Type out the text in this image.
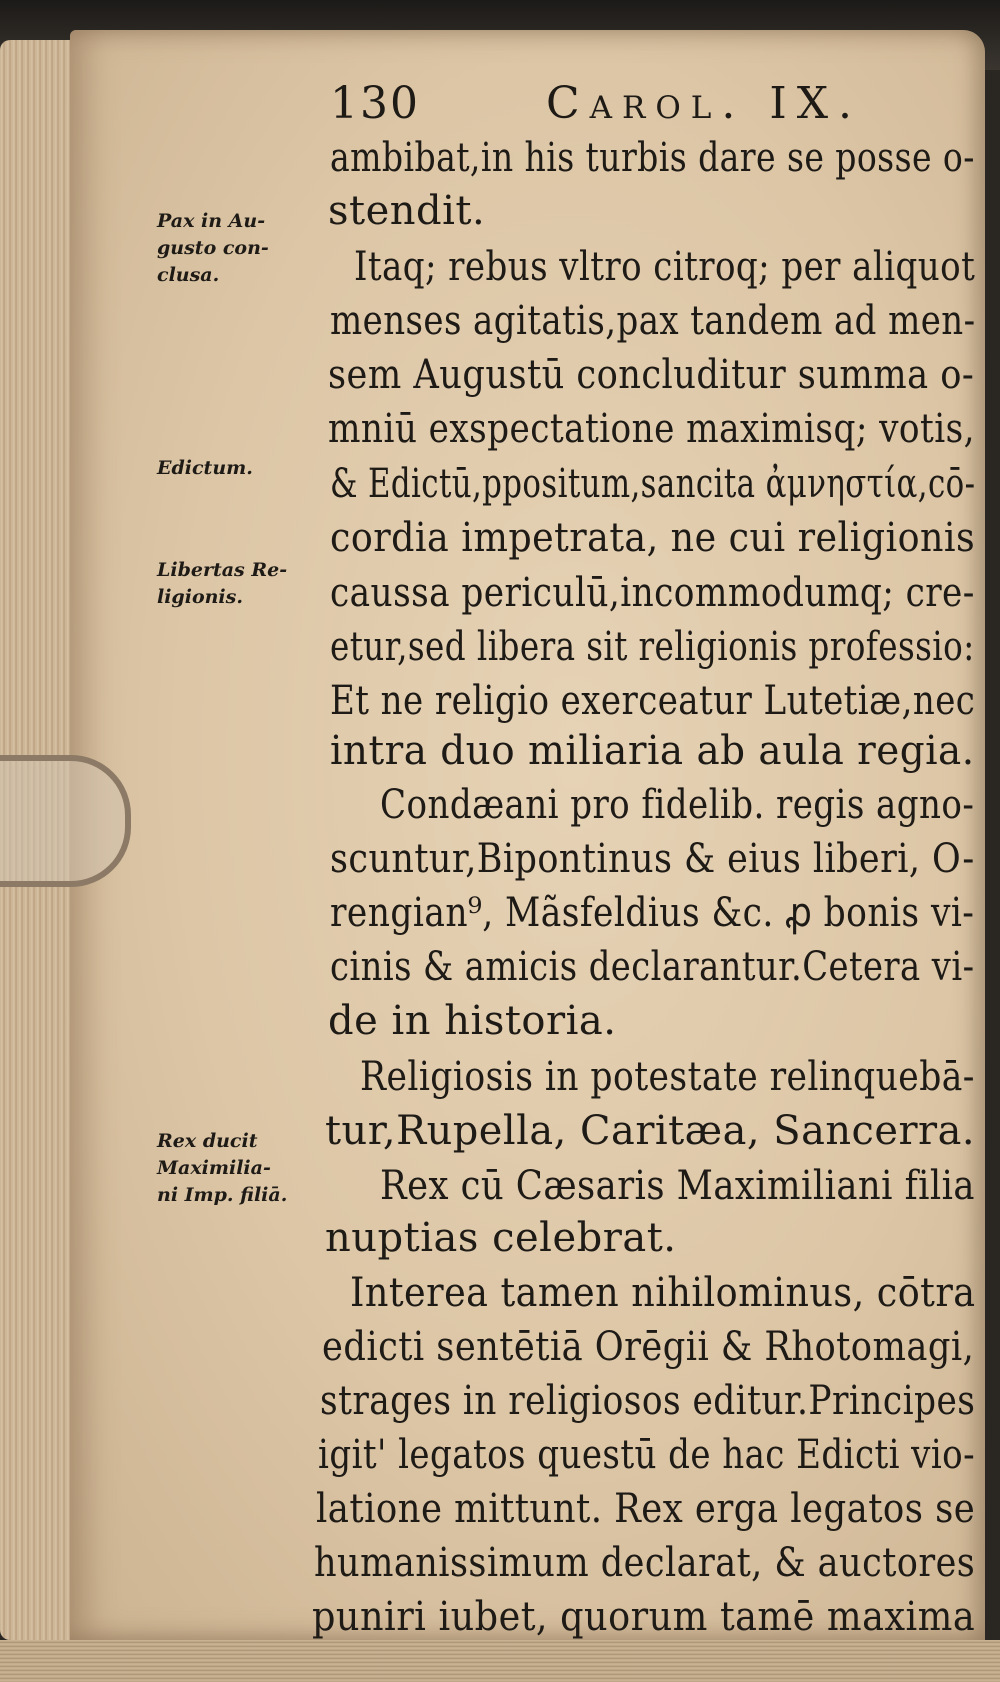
130	Carol. IX.
Pax in Au-
gusto con-
clusa.
Edictum.
Libertas Re-
ligionis.
Rex ducit
Maximilia-
ni Imp. filiā.
ambibat,in his turbis dare se posse o-
stendit.
Itaq; rebus vltro citroq; per aliquot
menses agitatis,pax tandem ad men-
sem Augustū concluditur summa o-
mniū exspectatione maximisq; votis,
& Edictū,ppositum,sancita ἀμνηστία,cō-
cordia impetrata, ne cui religionis
caussa periculū,incommodumq; cre-
etur,sed libera sit religionis professio:
Et ne religio exerceatur Lutetiæ,nec
intra duo miliaria ab aula regia.
Condæani pro fidelib. regis agno-
scuntur,Bipontinus & eius liberi, O-
rengian⁹, Mãsfeldius &c. ꝓ bonis vi-
cinis & amicis declarantur.Cetera vi-
de in historia.
Religiosis in potestate relinquebā-
tur,Rupella, Caritæa, Sancerra.
Rex cū Cæsaris Maximiliani filia
nuptias celebrat.
Interea tamen nihilominus, cōtra
edicti sentētiā Orēgii & Rhotomagi,
strages in religiosos editur.Principes
igit' legatos questū de hac Edicti vio-
latione mittunt. Rex erga legatos se
humanissimum declarat, & auctores
puniri iubet, quorum tamē maxima
